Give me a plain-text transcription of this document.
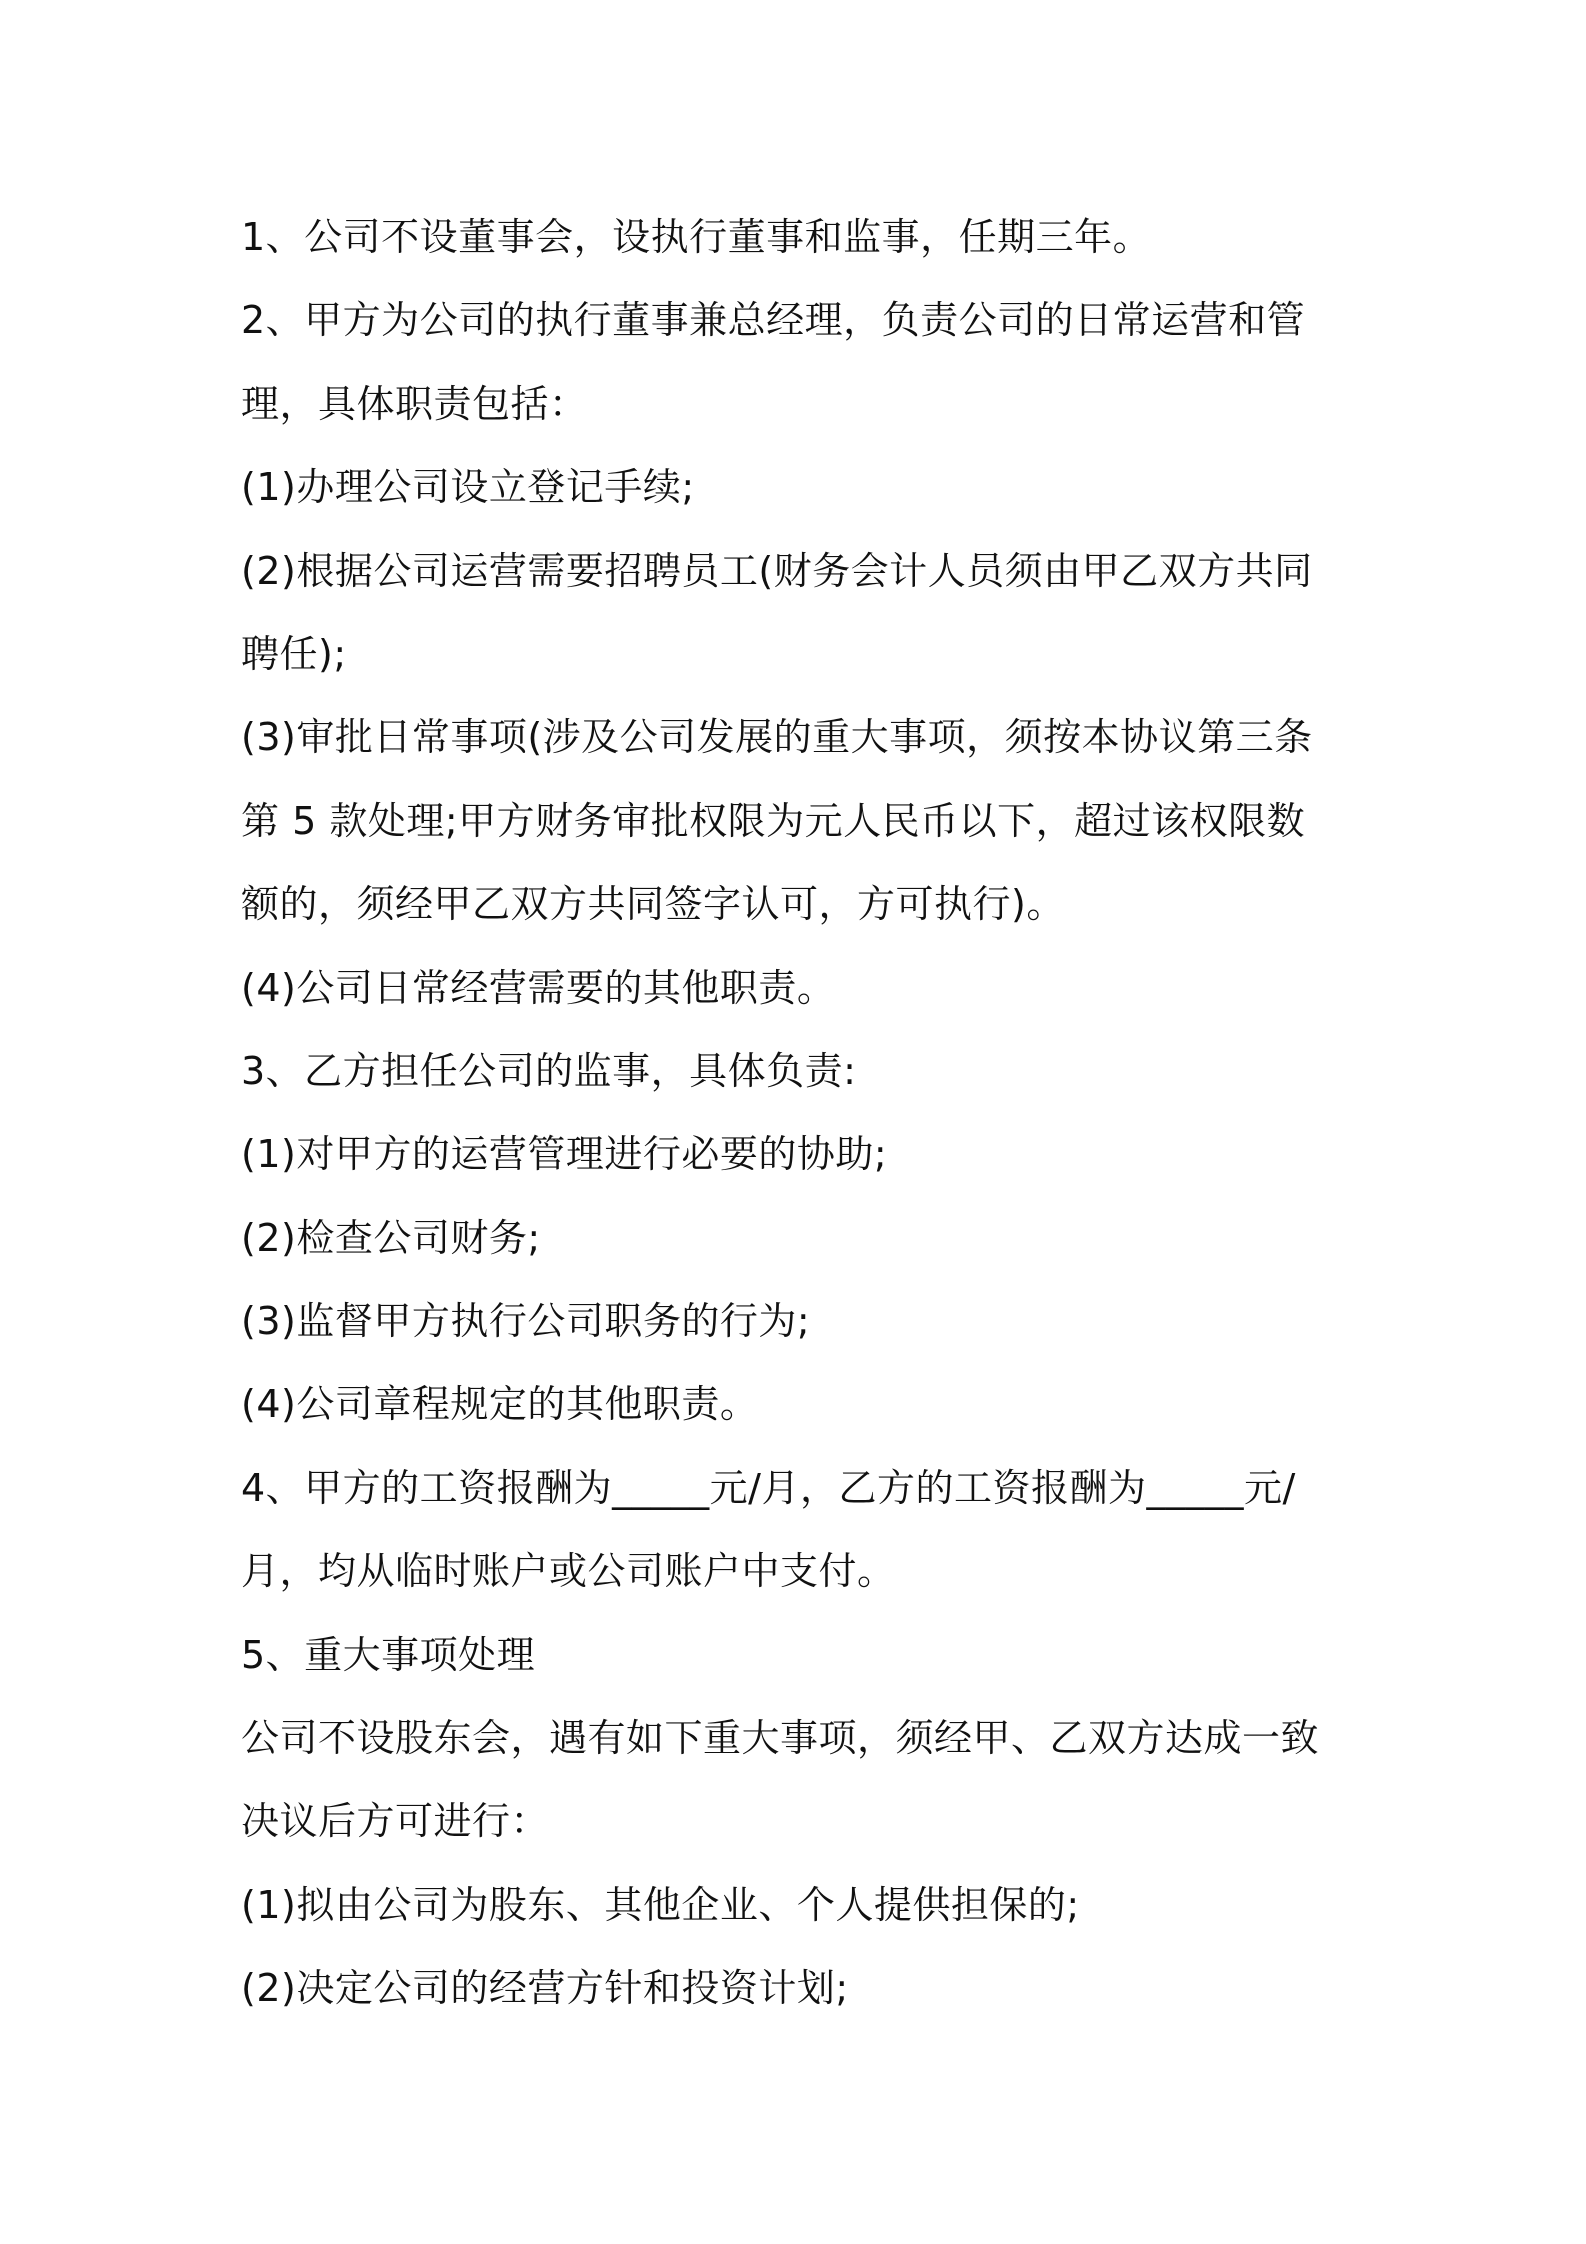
1、公司不设董事会，设执行董事和监事，任期三年。
2、甲方为公司的执行董事兼总经理，负责公司的日常运营和管
理，具体职责包括：
(1)办理公司设立登记手续;
(2)根据公司运营需要招聘员工(财务会计人员须由甲乙双方共同
聘任);
(3)审批日常事项(涉及公司发展的重大事项，须按本协议第三条
第 5 款处理;甲方财务审批权限为元人民币以下，超过该权限数
额的，须经甲乙双方共同签字认可，方可执行)。
(4)公司日常经营需要的其他职责。
3、乙方担任公司的监事，具体负责:
(1)对甲方的运营管理进行必要的协助;
(2)检查公司财务;
(3)监督甲方执行公司职务的行为;
(4)公司章程规定的其他职责。
4、甲方的工资报酬为_____元/月，乙方的工资报酬为_____元/
月，均从临时账户或公司账户中支付。
5、重大事项处理
公司不设股东会，遇有如下重大事项，须经甲、乙双方达成一致
决议后方可进行：
(1)拟由公司为股东、其他企业、个人提供担保的;
(2)决定公司的经营方针和投资计划;
